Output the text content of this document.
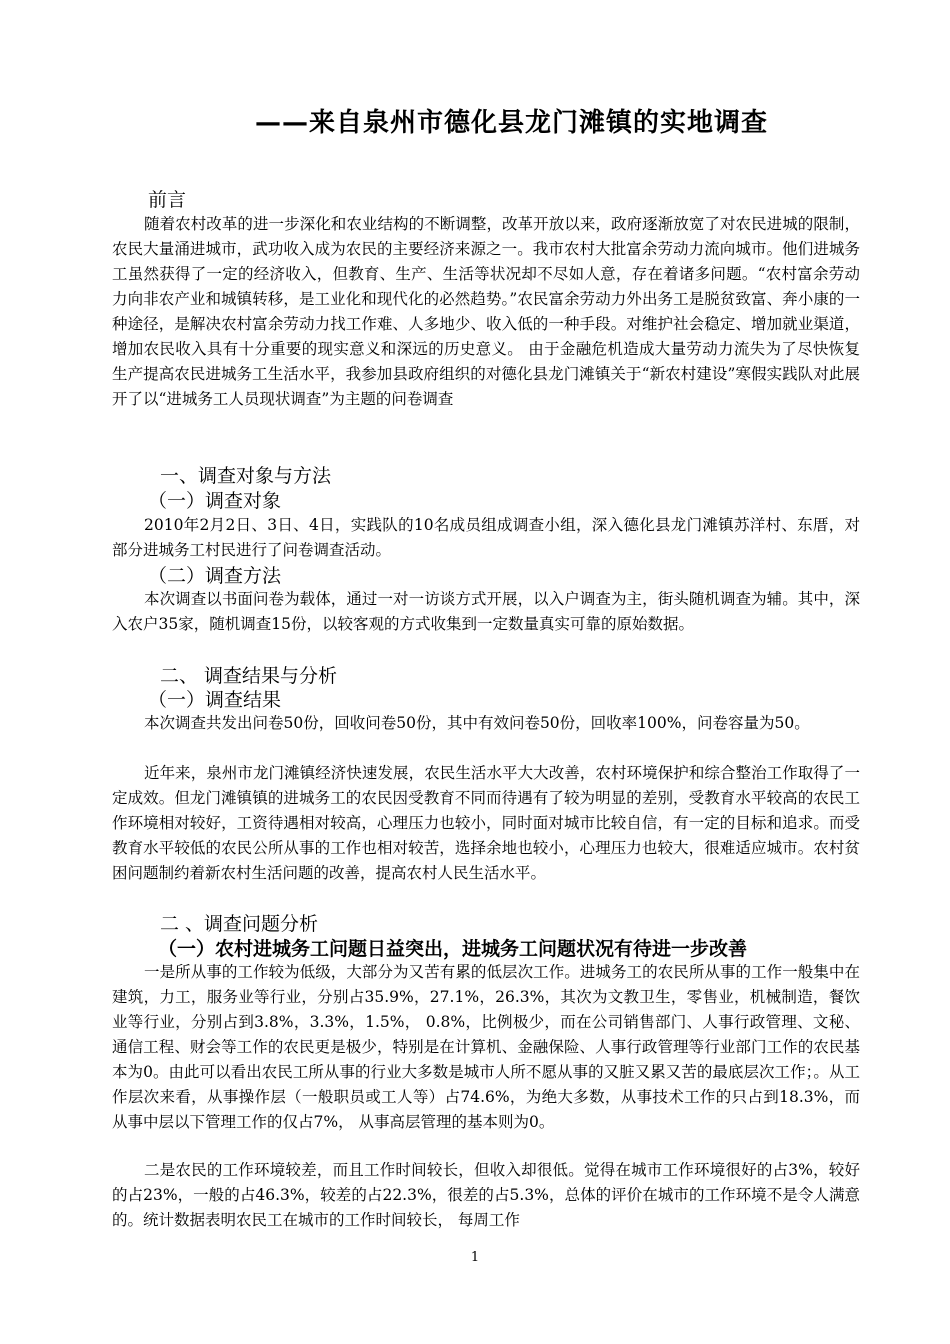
——来自泉州市德化县龙门滩镇的实地调查
前言

随着农村改革的进一步深化和农业结构的不断调整，改革开放以来，政府逐渐放宽了对农民进城的限制，农民大量涌进城市，武功收入成为农民的主要经济来源之一。我市农村大批富余劳动力流向城市。他们进城务工虽然获得了一定的经济收入，但教育、生产、生活等状况却不尽如人意，存在着诸多问题。“农村富余劳动力向非农产业和城镇转移，是工业化和现代化的必然趋势。”农民富余劳动力外出务工是脱贫致富、奔小康的一种途径，是解决农村富余劳动力找工作难、人多地少、收入低的一种手段。对维护社会稳定、增加就业渠道，增加农民收入具有十分重要的现实意义和深远的历史意义。 由于金融危机造成大量劳动力流失为了尽快恢复生产提高农民进城务工生活水平，我参加县政府组织的对德化县龙门滩镇关于“新农村建设”寒假实践队对此展开了以“进城务工人员现状调查”为主题的问卷调查

一、调查对象与方法
（一）调查对象

2010年2月2日、3日、4日，实践队的10名成员组成调查小组，深入德化县龙门滩镇苏洋村、东厝，对部分进城务工村民进行了问卷调查活动。

（二）调查方法

本次调查以书面问卷为载体，通过一对一访谈方式开展，以入户调查为主，街头随机调查为辅。其中，深入农户35家，随机调查15份，以较客观的方式收集到一定数量真实可靠的原始数据。

二、 调查结果与分析
（一）调查结果

本次调查共发出问卷50份，回收问卷50份，其中有效问卷50份，回收率100%，问卷容量为50。

近年来，泉州市龙门滩镇经济快速发展，农民生活水平大大改善，农村环境保护和综合整治工作取得了一定成效。但龙门滩镇镇的进城务工的农民因受教育不同而待遇有了较为明显的差别，受教育水平较高的农民工作环境相对较好，工资待遇相对较高，心理压力也较小，同时面对城市比较自信，有一定的目标和追求。而受教育水平较低的农民公所从事的工作也相对较苦，选择余地也较小，心理压力也较大，很难适应城市。农村贫困问题制约着新农村生活问题的改善，提高农村人民生活水平。

二 、调查问题分析
（一）农村进城务工问题日益突出，进城务工问题状况有待进一步改善

一是所从事的工作较为低级，大部分为又苦有累的低层次工作。进城务工的农民所从事的工作一般集中在建筑，力工，服务业等行业，分别占35.9%，27.1%，26.3%，其次为文教卫生，零售业，机械制造，餐饮业等行业，分别占到3.8%，3.3%，1.5%， 0.8%，比例极少，而在公司销售部门、人事行政管理、文秘、通信工程、财会等工作的农民更是极少，特别是在计算机、金融保险、人事行政管理等行业部门工作的农民基本为0。由此可以看出农民工所从事的行业大多数是城市人所不愿从事的又脏又累又苦的最底层次工作；。从工作层次来看，从事操作层（一般职员或工人等）占74.6%，为绝大多数，从事技术工作的只占到18.3%，而从事中层以下管理工作的仅占7%， 从事高层管理的基本则为0。

二是农民的工作环境较差，而且工作时间较长，但收入却很低。觉得在城市工作环境很好的占3%，较好的占23%，一般的占46.3%，较差的占22.3%，很差的占5.3%，总体的评价在城市的工作环境不是令人满意的。统计数据表明农民工在城市的工作时间较长， 每周工作

1
